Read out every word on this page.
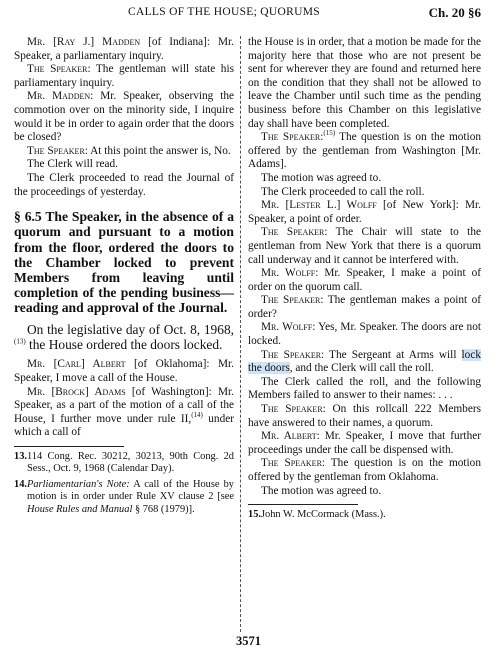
CALLS OF THE HOUSE; QUORUMS	Ch. 20 §6

Mr. [Ray J.] Madden [of Indiana]: Mr. Speaker, a parliamentary inquiry.

The Speaker: The gentleman will state his parliamentary inquiry.

Mr. Madden: Mr. Speaker, observing the commotion over on the minority side, I inquire would it be in order to again order that the doors be closed?

The Speaker: At this point the answer is, No.

The Clerk will read.

The Clerk proceeded to read the Journal of the proceedings of yesterday.

§ 6.5 The Speaker, in the absence of a quorum and pursuant to a motion from the floor, ordered the doors to the Chamber locked to prevent Members from leaving until completion of the pending business—reading and approval of the Journal.

On the legislative day of Oct. 8, 1968,$^{(13)}$ the House ordered the doors locked.

Mr. [Carl] Albert [of Oklahoma]: Mr. Speaker, I move a call of the House.

Mr. [Brock] Adams [of Washington]: Mr. Speaker, as a part of the motion of a call of the House, I further move under rule II,$^{(14)}$ under which a call of

13.114 Cong. Rec. 30212, 30213, 90th Cong. 2d Sess., Oct. 9, 1968 (Calendar Day).

14.Parliamentarian's Note: A call of the House by motion is in order under Rule XV clause 2 [see House Rules and Manual § 768 (1979)].

the House is in order, that a motion be made for the majority here that those who are not present be sent for wherever they are found and returned here on the condition that they shall not be allowed to leave the Chamber until such time as the pending business before this Chamber on this legislative day shall have been completed.

The Speaker:$^{(15)}$ The question is on the motion offered by the gentleman from Washington [Mr. Adams].

The motion was agreed to.

The Clerk proceeded to call the roll.

Mr. [Lester L.] Wolff [of New York]: Mr. Speaker, a point of order.

The Speaker: The Chair will state to the gentleman from New York that there is a quorum call underway and it cannot be interfered with.

Mr. Wolff: Mr. Speaker, I make a point of order on the quorum call.

The Speaker: The gentleman makes a point of order?

Mr. Wolff: Yes, Mr. Speaker. The doors are not locked.

The Speaker: The Sergeant at Arms will lock the doors, and the Clerk will call the roll.

The Clerk called the roll, and the following Members failed to answer to their names: . . .

The Speaker: On this rollcall 222 Members have answered to their names, a quorum.

Mr. Albert: Mr. Speaker, I move that further proceedings under the call be dispensed with.

The Speaker: The question is on the motion offered by the gentleman from Oklahoma.

The motion was agreed to.

15.John W. McCormack (Mass.).

3571
